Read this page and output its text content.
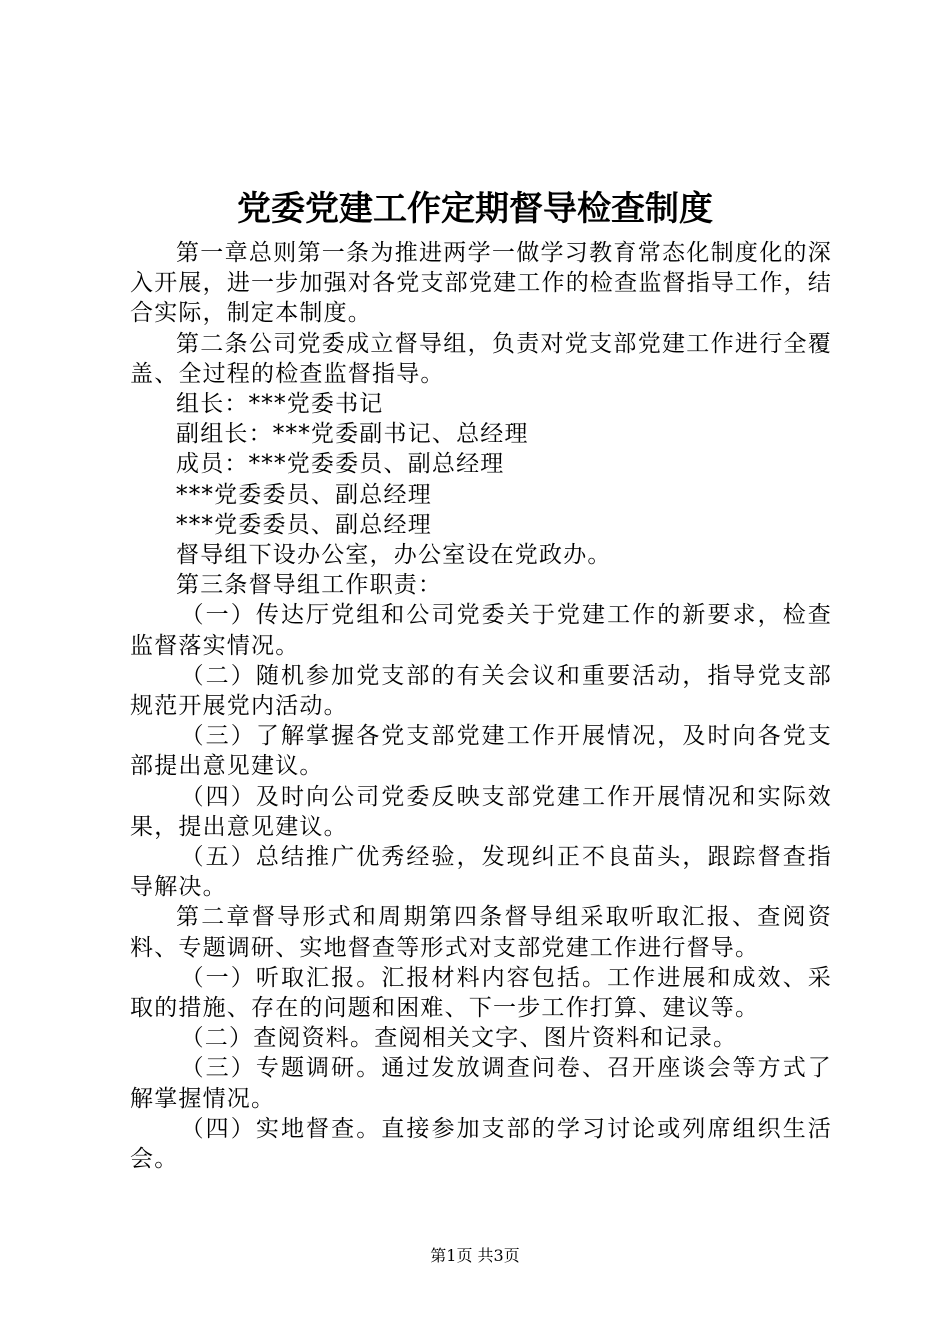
党委党建工作定期督导检查制度

第一章总则第一条为推进两学一做学习教育常态化制度化的深入开展，进一步加强对各党支部党建工作的检查监督指导工作，结合实际，制定本制度。

第二条公司党委成立督导组，负责对党支部党建工作进行全覆盖、全过程的检查监督指导。

组长：***党委书记

副组长：***党委副书记、总经理

成员：***党委委员、副总经理

***党委委员、副总经理

***党委委员、副总经理

督导组下设办公室，办公室设在党政办。

第三条督导组工作职责：

（一）传达厅党组和公司党委关于党建工作的新要求，检查监督落实情况。

（二）随机参加党支部的有关会议和重要活动，指导党支部规范开展党内活动。

（三）了解掌握各党支部党建工作开展情况，及时向各党支部提出意见建议。

（四）及时向公司党委反映支部党建工作开展情况和实际效果，提出意见建议。

（五）总结推广优秀经验，发现纠正不良苗头，跟踪督查指导解决。

第二章督导形式和周期第四条督导组采取听取汇报、查阅资料、专题调研、实地督查等形式对支部党建工作进行督导。

（一）听取汇报。汇报材料内容包括。工作进展和成效、采取的措施、存在的问题和困难、下一步工作打算、建议等。

（二）查阅资料。查阅相关文字、图片资料和记录。

（三）专题调研。通过发放调查问卷、召开座谈会等方式了解掌握情况。

（四）实地督查。直接参加支部的学习讨论或列席组织生活会。

第1页 共3页
